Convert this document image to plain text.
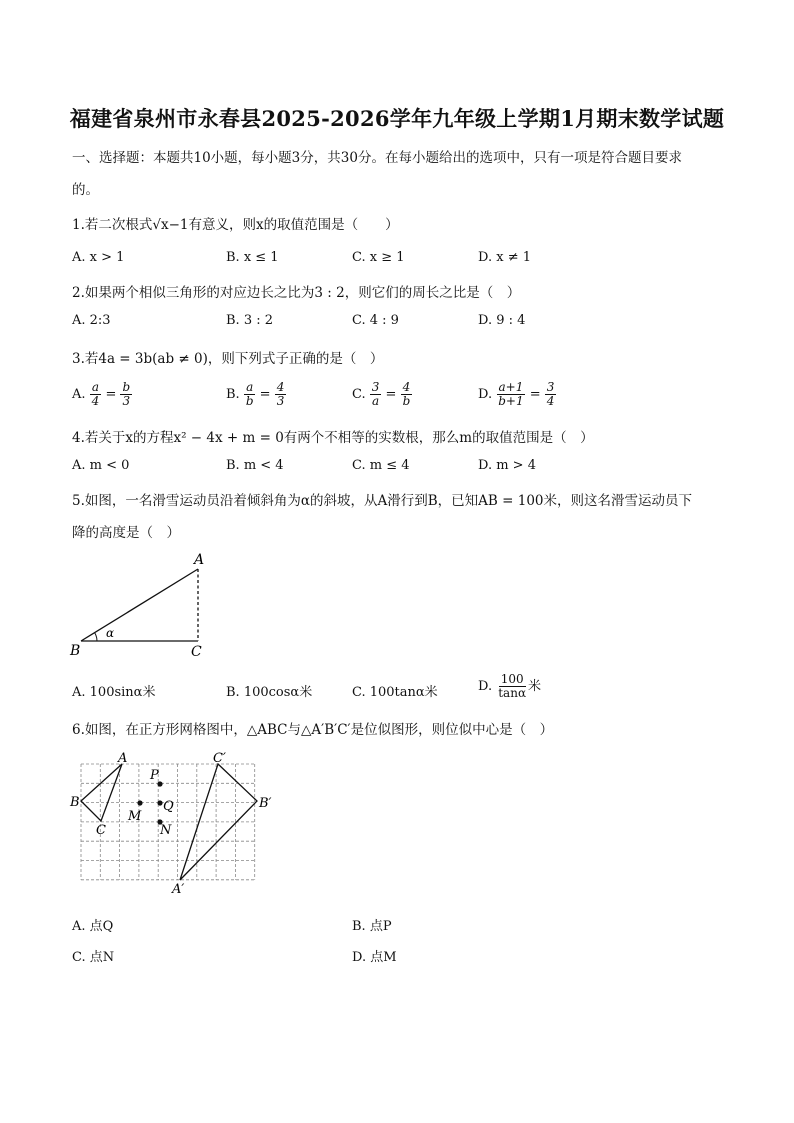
福建省泉州市永春县2025-2026学年九年级上学期1月期末数学试题
一、选择题：本题共10小题，每小题3分，共30分。在每小题给出的选项中，只有一项是符合题目要求
的。
1.若二次根式√x−1有意义，则x的取值范围是（　　）
A. x > 1	B. x ≤ 1	C. x ≥ 1	D. x ≠ 1
2.如果两个相似三角形的对应边长之比为3 : 2，则它们的周长之比是（　）
A. 2:3	B. 3 : 2	C. 4 : 9	D. 9 : 4
3.若4a = 3b(ab ≠ 0)，则下列式子正确的是（　）
A. $\frac{a}{4} = \frac{b}{3}$	B. $\frac{a}{b} = \frac{4}{3}$	C. $\frac{3}{a} = \frac{4}{b}$	D. $\frac{a+1}{b+1} = \frac{3}{4}$
4.若关于x的方程x² − 4x + m = 0有两个不相等的实数根，那么m的取值范围是（　）
A. m < 0	B. m < 4	C. m ≤ 4	D. m > 4
5.如图，一名滑雪运动员沿着倾斜角为α的斜坡，从A滑行到B，已知AB = 100米，则这名滑雪运动员下
降的高度是（　）
A
B	C
α
A. 100sinα米	B. 100cosα米	C. 100tanα米	D. $\frac{100}{\tan\alpha}$ 米
6.如图，在正方形网格图中，△ABC与△A′B′C′是位似图形，则位似中心是（　）
A
B
C
C′
B′
A′
P
Q
M
N
A. 点Q	B. 点P
C. 点N	D. 点M
